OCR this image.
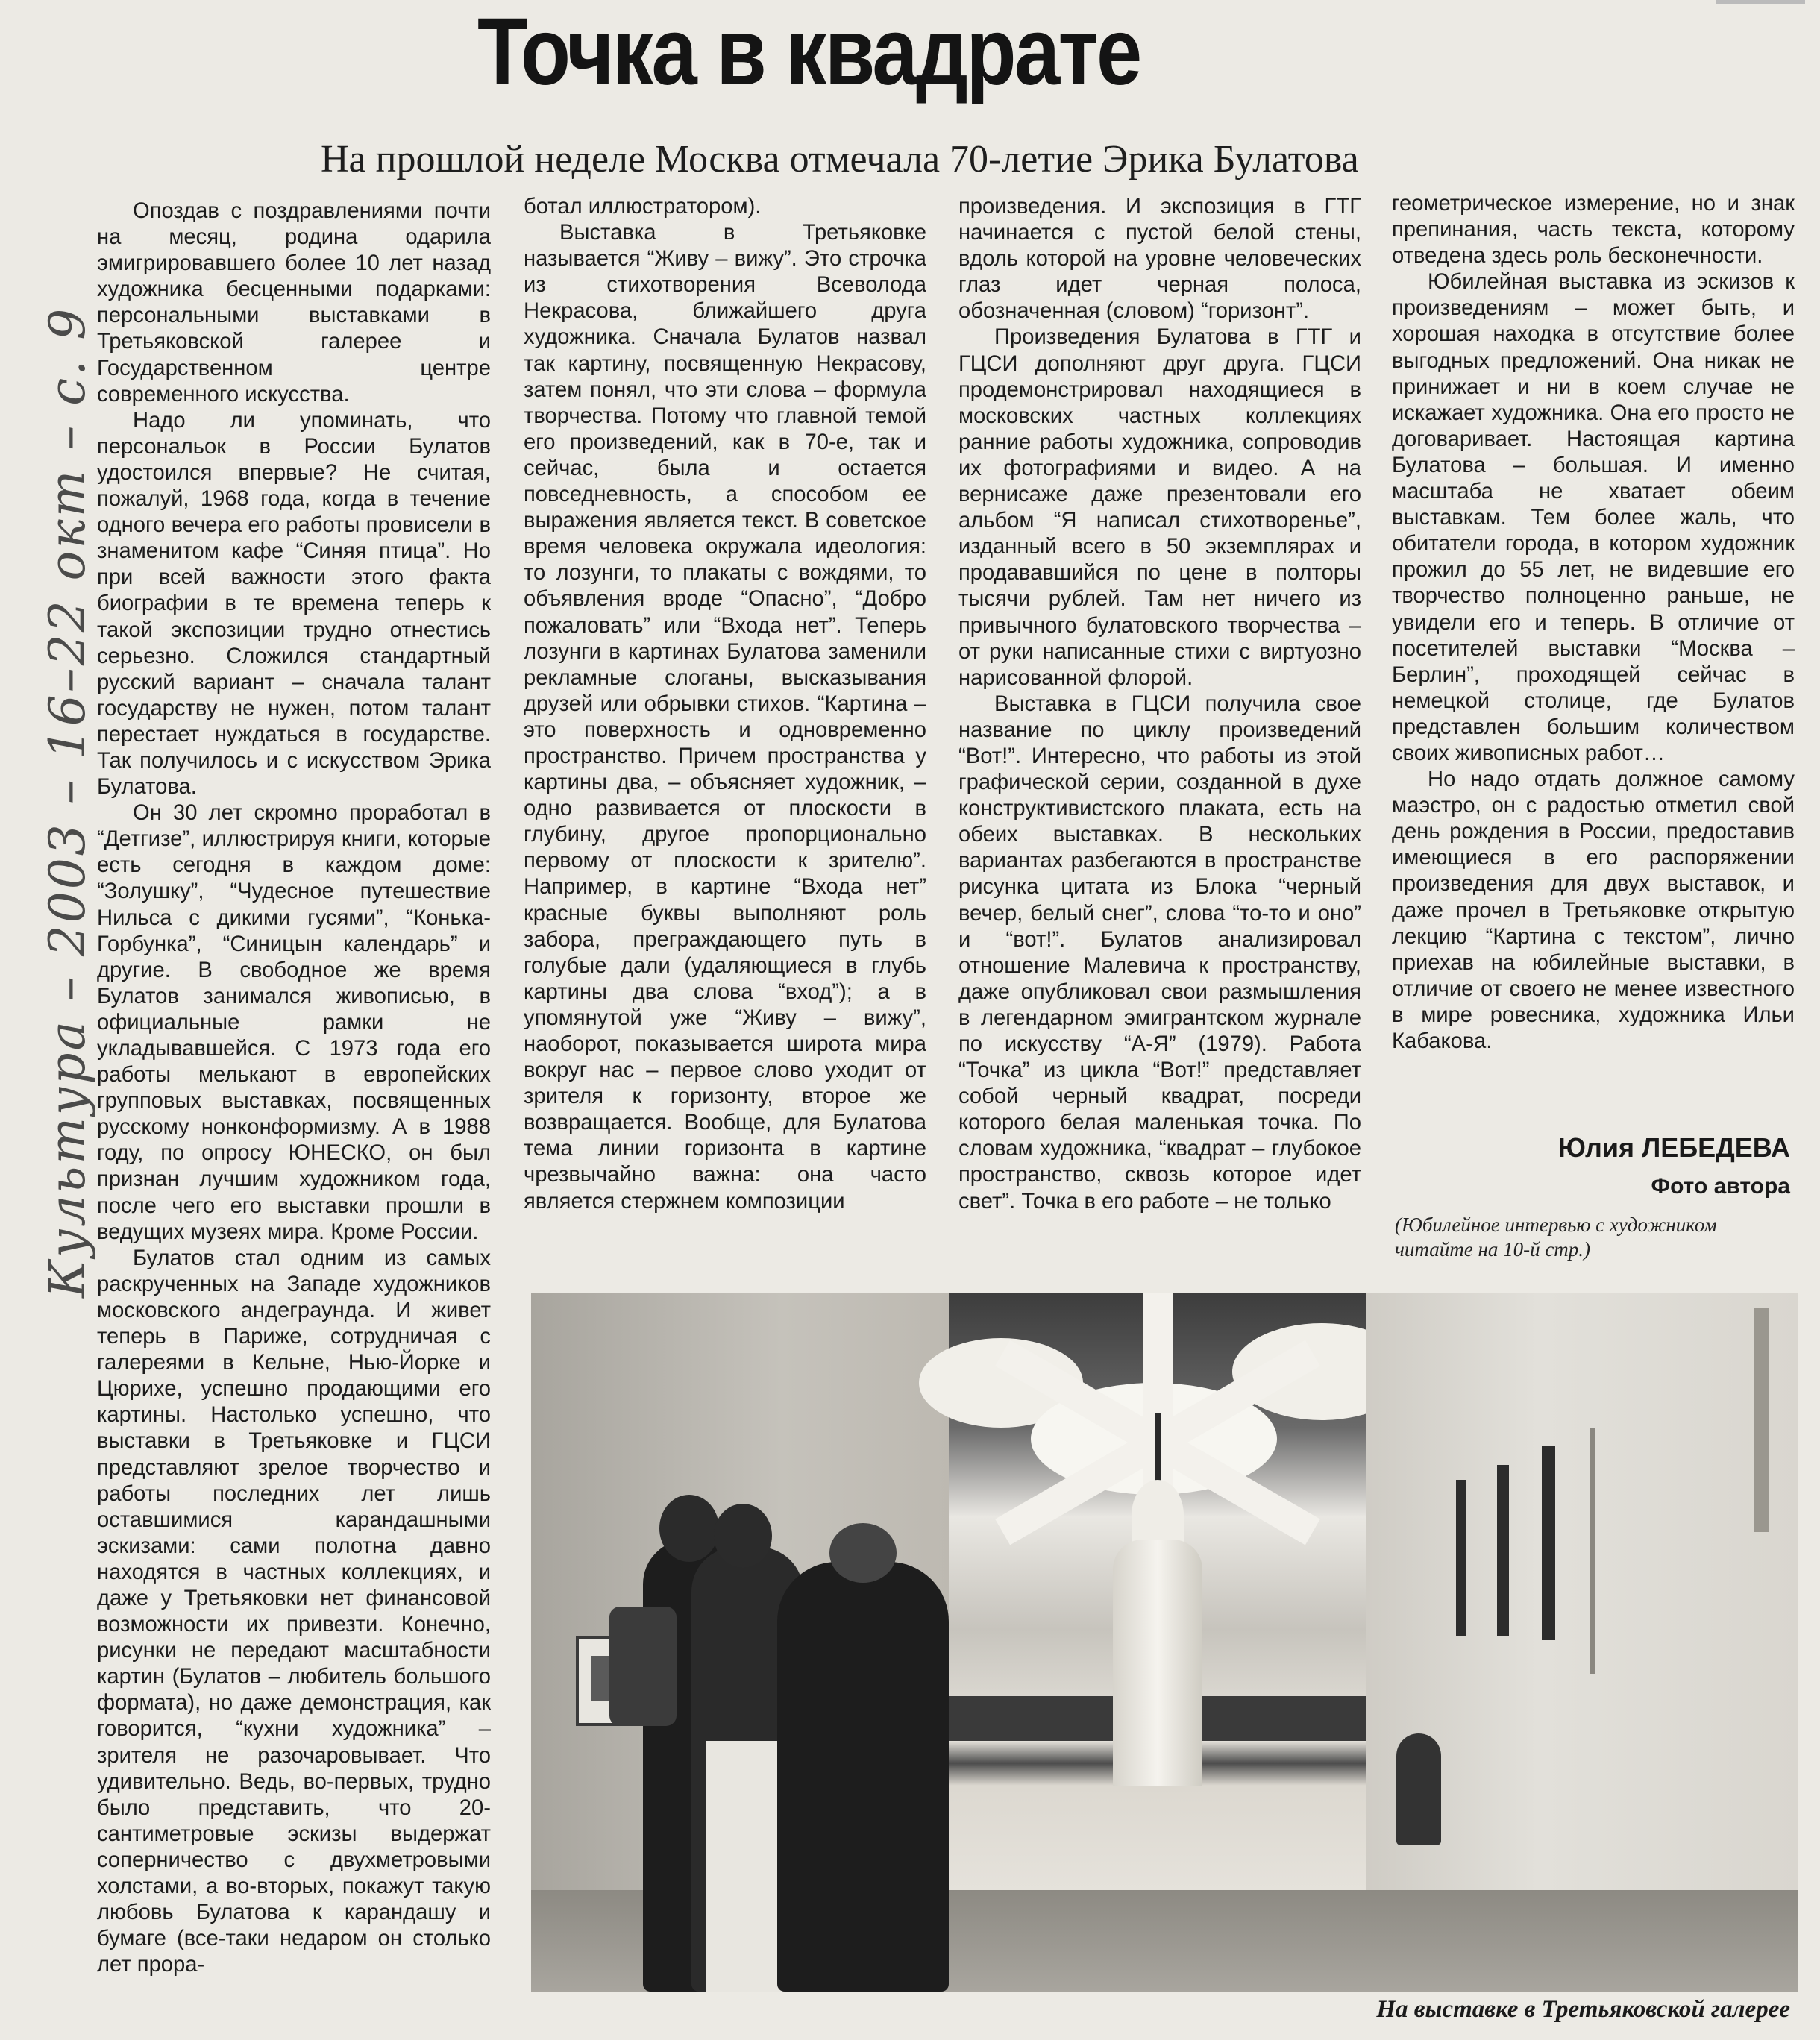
Точка в квадрате
На прошлой неделе Москва отмечала 70-летие Эрика Булатова
Культура – 2003 – 16–22 окт – с. 9

Опоздав с поздравлениями почти на месяц, родина одарила эмигрировавшего более 10 лет назад художника бесценными подарками: персональными выставками в Третьяковской галерее и Государственном центре современного искусства.

Надо ли упоминать, что персональок в России Булатов удостоился впервые? Не считая, пожалуй, 1968 года, когда в течение одного вечера его работы провисели в знаменитом кафе “Синяя птица”. Но при всей важности этого факта биографии в те времена теперь к такой экспозиции трудно отнестись серьезно. Сложился стандартный русский вариант – сначала талант государству не нужен, потом талант перестает нуждаться в государстве. Так получилось и с искусством Эрика Булатова.

Он 30 лет скромно проработал в “Детгизе”, иллюстрируя книги, которые есть сегодня в каждом доме: “Золушку”, “Чудесное путешествие Нильса с дикими гусями”, “Конька-Горбунка”, “Синицын календарь” и другие. В свободное же время Булатов занимался живописью, в официальные рамки не укладывавшейся. С 1973 года его работы мелькают в европейских групповых выставках, посвященных русскому нонконформизму. А в 1988 году, по опросу ЮНЕСКО, он был признан лучшим художником года, после чего его выставки прошли в ведущих музеях мира. Кроме России.

Булатов стал одним из самых раскрученных на Западе художников московского андеграунда. И живет теперь в Париже, сотрудничая с галереями в Кельне, Нью-Йорке и Цюрихе, успешно продающими его картины. Настолько успешно, что выставки в Третьяковке и ГЦСИ представляют зрелое творчество и работы последних лет лишь оставшимися карандашными эскизами: сами полотна давно находятся в частных коллекциях, и даже у Третьяковки нет финансовой возможности их привезти. Конечно, рисунки не передают масштабности картин (Булатов – любитель большого формата), но даже демонстрация, как говорится, “кухни художника” – зрителя не разочаровывает. Что удивительно. Ведь, во-первых, трудно было представить, что 20-сантиметровые эскизы выдержат соперничество с двухметровыми холстами, а во-вторых, покажут такую любовь Булатова к карандашу и бумаге (все-таки недаром он столько лет прора-

ботал иллюстратором).

Выставка в Третьяковке называется “Живу – вижу”. Это строчка из стихотворения Всеволода Некрасова, ближайшего друга художника. Сначала Булатов назвал так картину, посвященную Некрасову, затем понял, что эти слова – формула творчества. Потому что главной темой его произведений, как в 70-е, так и сейчас, была и остается повседневность, а способом ее выражения является текст. В советское время человека окружала идеология: то лозунги, то плакаты с вождями, то объявления вроде “Опасно”, “Добро пожаловать” или “Входа нет”. Теперь лозунги в картинах Булатова заменили рекламные слоганы, высказывания друзей или обрывки стихов. “Картина – это поверхность и одновременно пространство. Причем пространства у картины два, – объясняет художник, – одно развивается от плоскости в глубину, другое пропорционально первому от плоскости к зрителю”. Например, в картине “Входа нет” красные буквы выполняют роль забора, преграждающего путь в голубые дали (удаляющиеся в глубь картины два слова “вход”); а в упомянутой уже “Живу – вижу”, наоборот, показывается широта мира вокруг нас – первое слово уходит от зрителя к горизонту, второе же возвращается. Вообще, для Булатова тема линии горизонта в картине чрезвычайно важна: она часто является стержнем композиции

произведения. И экспозиция в ГТГ начинается с пустой белой стены, вдоль которой на уровне человеческих глаз идет черная полоса, обозначенная (словом) “горизонт”.

Произведения Булатова в ГТГ и ГЦСИ дополняют друг друга. ГЦСИ продемонстрировал находящиеся в московских частных коллекциях ранние работы художника, сопроводив их фотографиями и видео. А на вернисаже даже презентовали его альбом “Я написал стихотворенье”, изданный всего в 50 экземплярах и продававшийся по цене в полторы тысячи рублей. Там нет ничего из привычного булатовского творчества – от руки написанные стихи с виртуозно нарисованной флорой.

Выставка в ГЦСИ получила свое название по циклу произведений “Вот!”. Интересно, что работы из этой графической серии, созданной в духе конструктивистского плаката, есть на обеих выставках. В нескольких вариантах разбегаются в пространстве рисунка цитата из Блока “черный вечер, белый снег”, слова “то-то и оно” и “вот!”. Булатов анализировал отношение Малевича к пространству, даже опубликовал свои размышления в легендарном эмигрантском журнале по искусству “А-Я” (1979). Работа “Точка” из цикла “Вот!” представляет собой черный квадрат, посреди которого белая маленькая точка. По словам художника, “квадрат – глубокое пространство, сквозь которое идет свет”. Точка в его работе – не только

геометрическое измерение, но и знак препинания, часть текста, которому отведена здесь роль бесконечности.

Юбилейная выставка из эскизов к произведениям – может быть, и хорошая находка в отсутствие более выгодных предложений. Она никак не принижает и ни в коем случае не искажает художника. Она его просто не договаривает. Настоящая картина Булатова – большая. И именно масштаба не хватает обеим выставкам. Тем более жаль, что обитатели города, в котором художник прожил до 55 лет, не видевшие его творчество полноценно раньше, не увидели его и теперь. В отличие от посетителей выставки “Москва – Берлин”, проходящей сейчас в немецкой столице, где Булатов представлен большим количеством своих живописных работ…

Но надо отдать должное самому маэстро, он с радостью отметил свой день рождения в России, предоставив имеющиеся в его распоряжении произведения для двух выставок, и даже прочел в Третьяковке открытую лекцию “Картина с текстом”, лично приехав на юбилейные выставки, в отличие от своего не менее известного в мире ровесника, художника Ильи Кабакова.

Юлия ЛЕБЕДЕВА
Фото автора
(Юбилейное интервью с художником читайте на 10-й стр.)
На выставке в Третьяковской галерее
